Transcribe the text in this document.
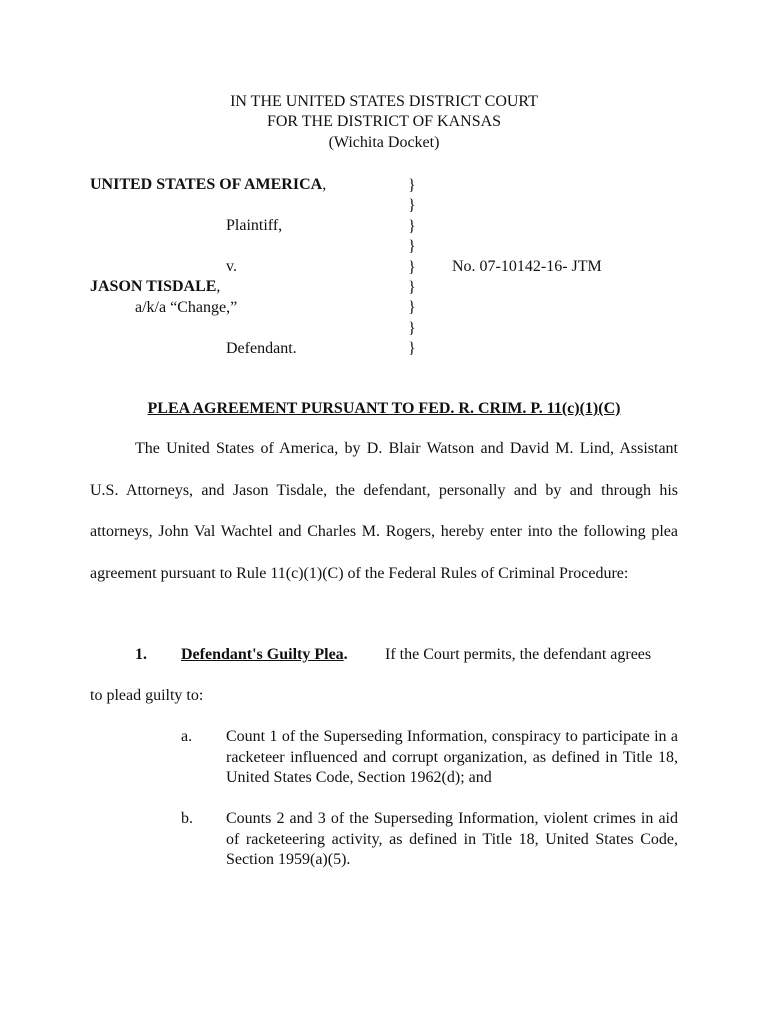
IN THE UNITED STATES DISTRICT COURT
FOR THE DISTRICT OF KANSAS
(Wichita Docket)
UNITED STATES OF AMERICA,
Plaintiff,
v.
JASON TISDALE,
a/k/a “Change,”
Defendant.
}
}
}
}
}
}
}
}
}
No. 07-10142-16- JTM
PLEA AGREEMENT PURSUANT TO FED. R. CRIM. P. 11(c)(1)(C)
The United States of America, by D. Blair Watson and David M. Lind, Assistant U.S. Attorneys, and Jason Tisdale, the defendant, personally and by and through his attorneys, John Val Wachtel and Charles M. Rogers, hereby enter into the following plea agreement pursuant to Rule 11(c)(1)(C) of the Federal Rules of Criminal Procedure:
1. Defendant's Guilty Plea. If the Court permits, the defendant agrees
to plead guilty to:
a. Count 1 of the Superseding Information, conspiracy to participate in a racketeer influenced and corrupt organization, as defined in Title 18, United States Code, Section 1962(d); and
b. Counts 2 and 3 of the Superseding Information, violent crimes in aid of racketeering activity, as defined in Title 18, United States Code, Section 1959(a)(5).
